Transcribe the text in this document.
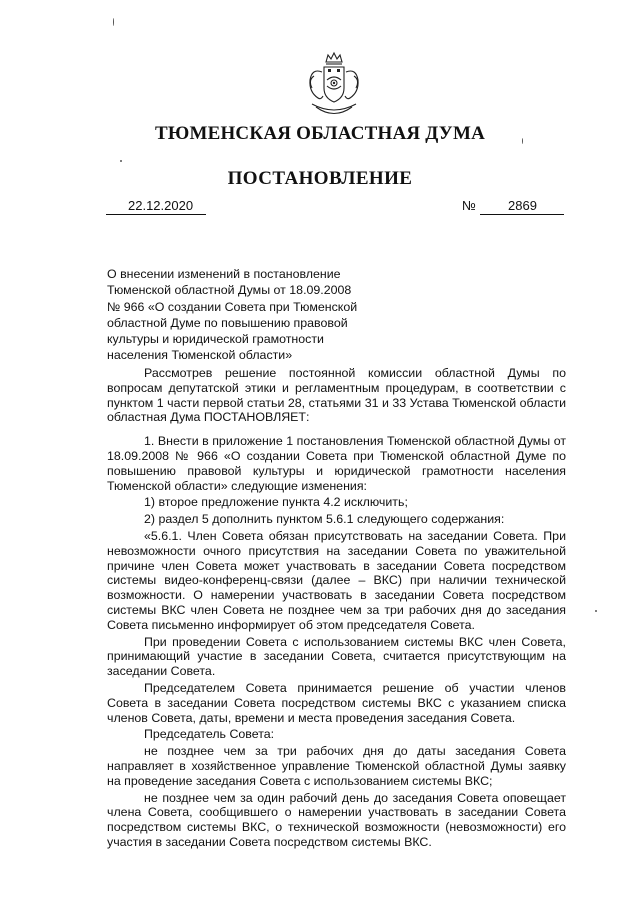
ТЮМЕНСКАЯ ОБЛАСТНАЯ ДУМА
ПОСТАНОВЛЕНИЕ
22.12.2020	№ 2869
О внесении изменений в постановление
Тюменской областной Думы от 18.09.2008
№ 966 «О создании Совета при Тюменской
областной Думе по повышению правовой
культуры и юридической грамотности
населения Тюменской области»

Рассмотрев решение постоянной комиссии областной Думы по вопросам депутатской этики и регламентным процедурам, в соответствии с пунктом 1 части первой статьи 28, статьями 31 и 33 Устава Тюменской области областная Дума ПОСТАНОВЛЯЕТ:

1. Внести в приложение 1 постановления Тюменской областной Думы от 18.09.2008 № 966 «О создании Совета при Тюменской областной Думе по повышению правовой культуры и юридической грамотности населения Тюменской области» следующие изменения:

1) второе предложение пункта 4.2 исключить;

2) раздел 5 дополнить пунктом 5.6.1 следующего содержания:

«5.6.1. Член Совета обязан присутствовать на заседании Совета. При невозможности очного присутствия на заседании Совета по уважительной причине член Совета может участвовать в заседании Совета посредством системы видео-конференц-связи (далее – ВКС) при наличии технической возможности. О намерении участвовать в заседании Совета посредством системы ВКС член Совета не позднее чем за три рабочих дня до заседания Совета письменно информирует об этом председателя Совета.

При проведении Совета с использованием системы ВКС член Совета, принимающий участие в заседании Совета, считается присутствующим на заседании Совета.

Председателем Совета принимается решение об участии членов Совета в заседании Совета посредством системы ВКС с указанием списка членов Совета, даты, времени и места проведения заседания Совета.

Председатель Совета:

не позднее чем за три рабочих дня до даты заседания Совета направляет в хозяйственное управление Тюменской областной Думы заявку на проведение заседания Совета с использованием системы ВКС;

не позднее чем за один рабочий день до заседания Совета оповещает члена Совета, сообщившего о намерении участвовать в заседании Совета посредством системы ВКС, о технической возможности (невозможности) его участия в заседании Совета посредством системы ВКС.
